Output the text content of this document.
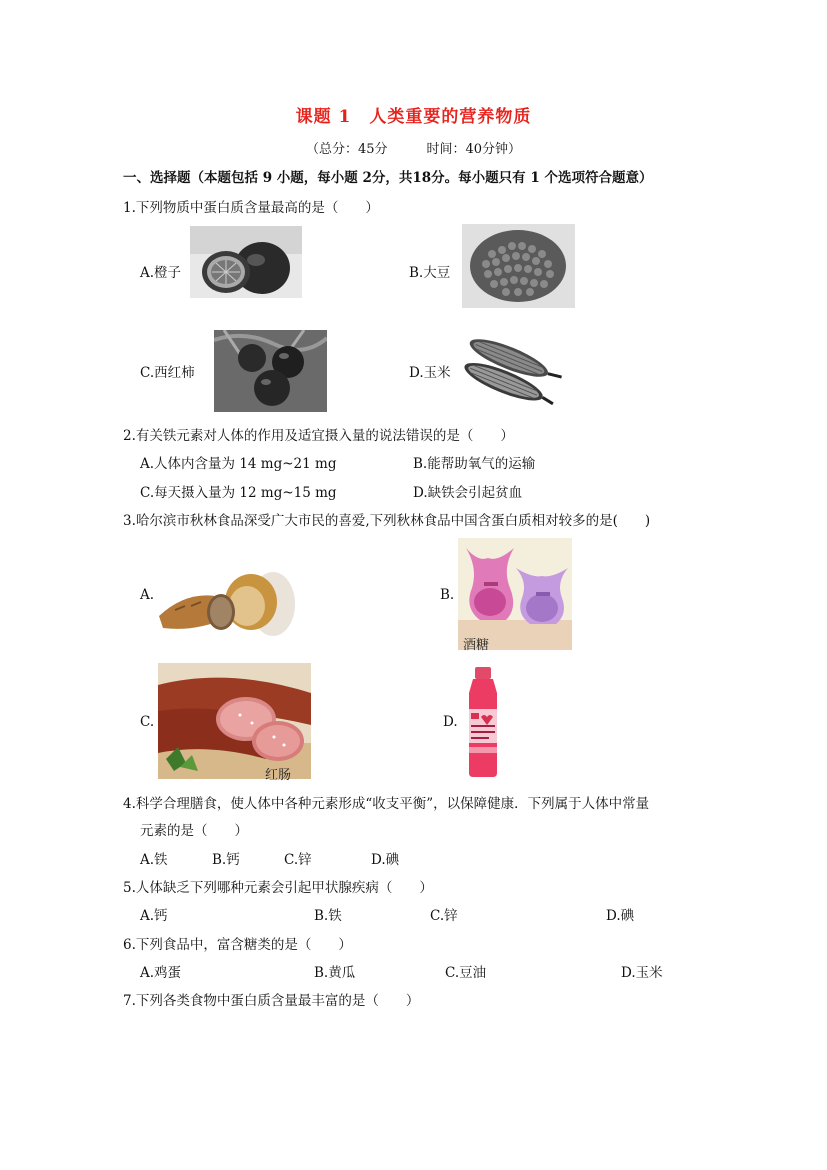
课题 1　人类重要的营养物质
（总分：45分　　　时间：40分钟）
一、选择题（本题包括 9 小题，每小题 2分，共18分。每小题只有 1 个选项符合题意）
1.下列物质中蛋白质含量最高的是（　　）
A.橙子	B.大豆
C.西红柿	D.玉米
2.有关铁元素对人体的作用及适宜摄入量的说法错误的是（　　）
A.人体内含量为 14 mg~21 mg	B.能帮助氧气的运输
C.每天摄入量为 12 mg~15 mg	D.缺铁会引起贫血
3.哈尔滨市秋林食品深受广大市民的喜爱,下列秋林食品中国含蛋白质相对较多的是(　　)
A.	B.
酒糖
C.
红肠
D.
4.科学合理膳食，使人体中各种元素形成“收支平衡”，以保障健康．下列属于人体中常量
元素的是（　　）
A.铁	B.钙	C.锌	D.碘
5.人体缺乏下列哪种元素会引起甲状腺疾病（　　）
A.钙	B.铁	C.锌	D.碘
6.下列食品中，富含糖类的是（　　）
A.鸡蛋	B.黄瓜	C.豆油	D.玉米
7.下列各类食物中蛋白质含量最丰富的是（　　）
